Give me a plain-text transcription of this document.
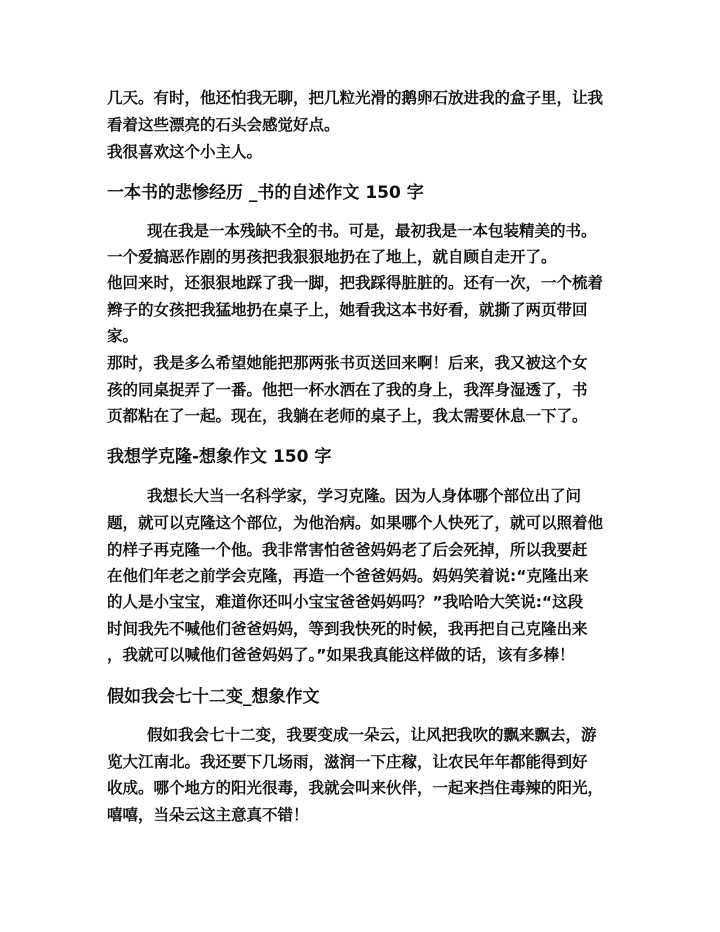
几天。有时，他还怕我无聊，把几粒光滑的鹅卵石放进我的盒子里，让我
看着这些漂亮的石头会感觉好点。
我很喜欢这个小主人。
一本书的悲惨经历 _书的自述作文 150 字
现在我是一本残缺不全的书。可是，最初我是一本包装精美的书。
一个爱搞恶作剧的男孩把我狠狠地扔在了地上，就自顾自走开了。
他回来时，还狠狠地踩了我一脚，把我踩得脏脏的。还有一次，一个梳着
辫子的女孩把我猛地扔在桌子上，她看我这本书好看，就撕了两页带回
家。
那时，我是多么希望她能把那两张书页送回来啊！后来，我又被这个女
孩的同桌捉弄了一番。他把一杯水洒在了我的身上，我浑身湿透了，书
页都粘在了一起。现在，我躺在老师的桌子上，我太需要休息一下了。
我想学克隆-想象作文 150 字
我想长大当一名科学家，学习克隆。因为人身体哪个部位出了问
题，就可以克隆这个部位，为他治病。如果哪个人快死了，就可以照着他
的样子再克隆一个他。我非常害怕爸爸妈妈老了后会死掉，所以我要赶
在他们年老之前学会克隆，再造一个爸爸妈妈。妈妈笑着说:“克隆出来
的人是小宝宝，难道你还叫小宝宝爸爸妈妈吗？”我哈哈大笑说:“这段
时间我先不喊他们爸爸妈妈，等到我快死的时候，我再把自己克隆出来
，我就可以喊他们爸爸妈妈了。”如果我真能这样做的话，该有多棒！
假如我会七十二变_想象作文
假如我会七十二变，我要变成一朵云，让风把我吹的飘来飘去，游
览大江南北。我还要下几场雨，滋润一下庄稼，让农民年年都能得到好
收成。哪个地方的阳光很毒，我就会叫来伙伴，一起来挡住毒辣的阳光，
嘻嘻，当朵云这主意真不错！
